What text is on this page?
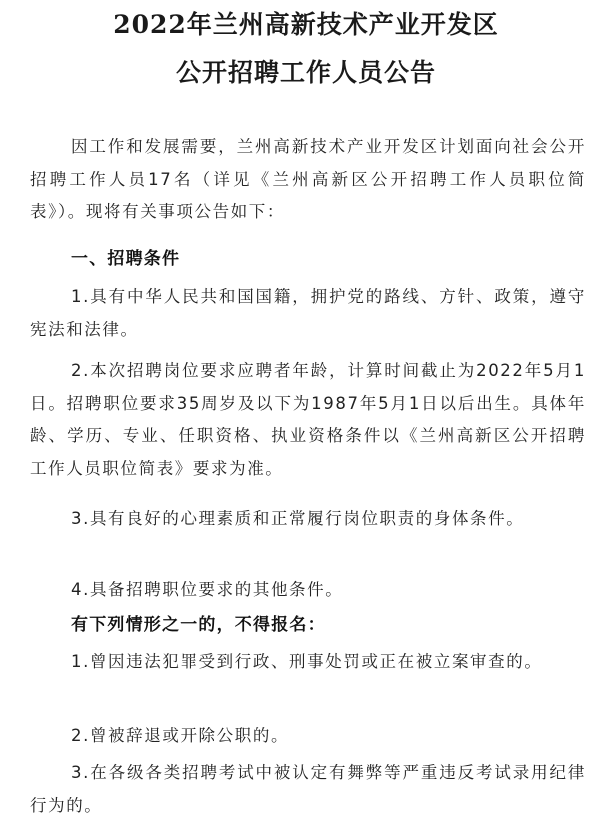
2022年兰州高新技术产业开发区
公开招聘工作人员公告

因工作和发展需要，兰州高新技术产业开发区计划面向社会公开招聘工作人员17名（详见《兰州高新区公开招聘工作人员职位简表》）。现将有关事项公告如下：

一、招聘条件

1.具有中华人民共和国国籍，拥护党的路线、方针、政策，遵守宪法和法律。

2.本次招聘岗位要求应聘者年龄，计算时间截止为2022年5月1日。招聘职位要求35周岁及以下为1987年5月1日以后出生。具体年龄、学历、专业、任职资格、执业资格条件以《兰州高新区公开招聘工作人员职位简表》要求为准。

3.具有良好的心理素质和正常履行岗位职责的身体条件。

4.具备招聘职位要求的其他条件。

有下列情形之一的，不得报名：

1.曾因违法犯罪受到行政、刑事处罚或正在被立案审查的。

2.曾被辞退或开除公职的。

3.在各级各类招聘考试中被认定有舞弊等严重违反考试录用纪律行为的。
